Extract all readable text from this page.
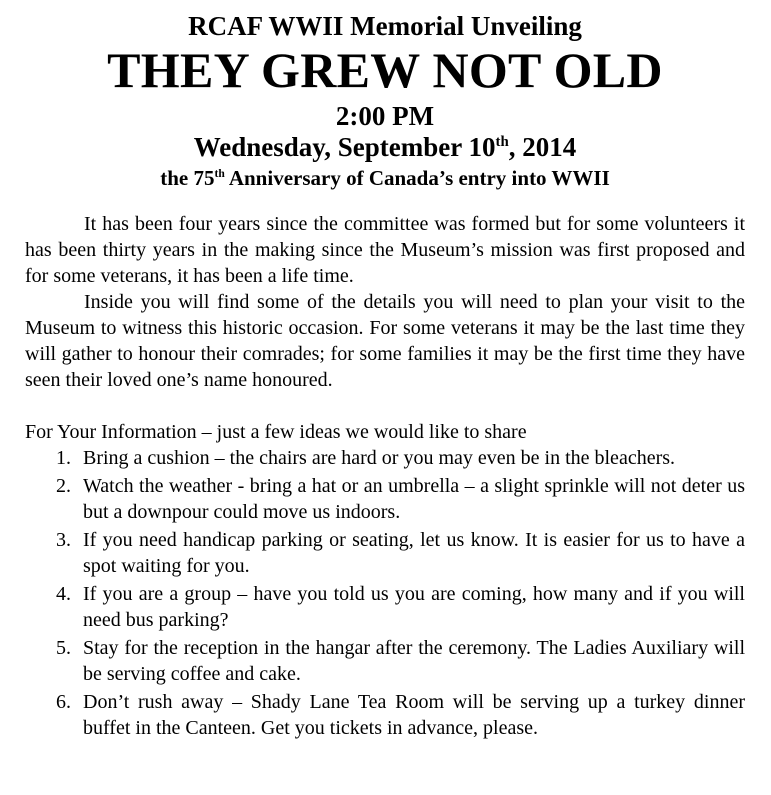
RCAF WWII Memorial Unveiling
THEY GREW NOT OLD
2:00 PM
Wednesday, September 10th, 2014
the 75th Anniversary of Canada’s entry into WWII

It has been four years since the committee was formed but for some volunteers it has been thirty years in the making since the Museum’s mission was first proposed and for some veterans, it has been a life time.

Inside you will find some of the details you will need to plan your visit to the Museum to witness this historic occasion. For some veterans it may be the last time they will gather to honour their comrades; for some families it may be the first time they have seen their loved one’s name honoured.

For Your Information – just a few ideas we would like to share
1. Bring a cushion – the chairs are hard or you may even be in the bleachers.
2. Watch the weather - bring a hat or an umbrella – a slight sprinkle will not deter us but a downpour could move us indoors.
3. If you need handicap parking or seating, let us know. It is easier for us to have a spot waiting for you.
4. If you are a group – have you told us you are coming, how many and if you will need bus parking?
5. Stay for the reception in the hangar after the ceremony. The Ladies Auxiliary will be serving coffee and cake.
6. Don’t rush away – Shady Lane Tea Room will be serving up a turkey dinner buffet in the Canteen. Get you tickets in advance, please.
